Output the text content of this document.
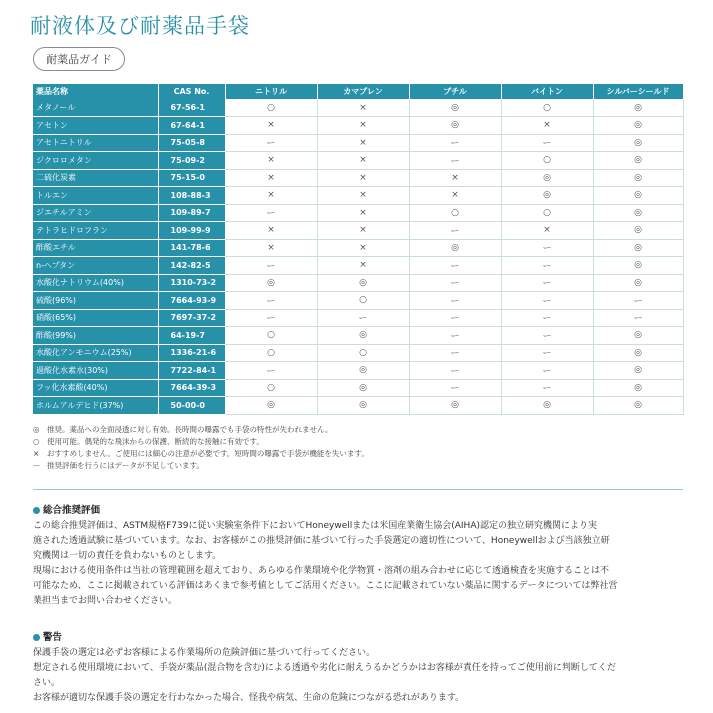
耐液体及び耐薬品手袋
耐薬品ガイド
薬品名称	CAS No.	ニトリル	カマプレン	ブチル	バイトン	シルバーシールド
メタノール	67-56-1	○	×	◎	○	◎
アセトン	67-64-1	×	×	◎	×	◎
アセトニトリル	75-05-8	ー	×	ー	ー	◎
ジクロロメタン	75-09-2	×	×	ー	○	◎
二硫化炭素	75-15-0	×	×	×	◎	◎
トルエン	108-88-3	×	×	×	◎	◎
ジエチルアミン	109-89-7	ー	×	○	○	◎
テトラヒドロフラン	109-99-9	×	×	ー	×	◎
酢酸エチル	141-78-6	×	×	◎	ー	◎
n-ヘプタン	142-82-5	ー	×	ー	ー	◎
水酸化ナトリウム(40%)	1310-73-2	◎	◎	ー	ー	◎
硫酸(96%)	7664-93-9	ー	○	ー	ー	ー
硝酸(65%)	7697-37-2	ー	ー	ー	ー	ー
酢酸(99%)	64-19-7	○	◎	ー	ー	◎
水酸化アンモニウム(25%)	1336-21-6	○	○	ー	ー	◎
過酸化水素水(30%)	7722-84-1	ー	◎	ー	ー	◎
フッ化水素酸(40%)	7664-39-3	○	◎	ー	ー	◎
ホルムアルデヒド(37%)	50-00-0	◎	◎	◎	◎	◎
◎ 推奨。薬品への全面浸透に対し有効。長時間の曝露でも手袋の特性が失われません。
○ 使用可能。偶発的な飛沫からの保護、断続的な接触に有効です。
×	おすすめしません。ご使用には細心の注意が必要です。短時間の曝露で手袋が機能を失います。
ー 推奨評価を行うにはデータが不足しています。
総合推奨評価

この総合推奨評価は、ASTM規格F739に従い実験室条件下においてHoneywellまたは米国産業衛生協会(AIHA)認定の独立研究機関により実

施された透過試験に基づいています。なお、お客様がこの推奨評価に基づいて行った手袋選定の適切性について、Honeywellおよび当該独立研

究機関は一切の責任を負わないものとします。

現場における使用条件は当社の管理範囲を超えており、あらゆる作業環境や化学物質・溶剤の組み合わせに応じて透過検査を実施することは不

可能なため、ここに掲載されている評価はあくまで参考値としてご活用ください。ここに記載されていない薬品に関するデータについては弊社営

業担当までお問い合わせください。

警告

保護手袋の選定は必ずお客様による作業場所の危険評価に基づいて行ってください。

想定される使用環境において、手袋が薬品(混合物を含む)による透過や劣化に耐えうるかどうかはお客様が責任を持ってご使用前に判断してくだ

さい。

お客様が適切な保護手袋の選定を行わなかった場合、怪我や病気、生命の危険につながる恐れがあります。
